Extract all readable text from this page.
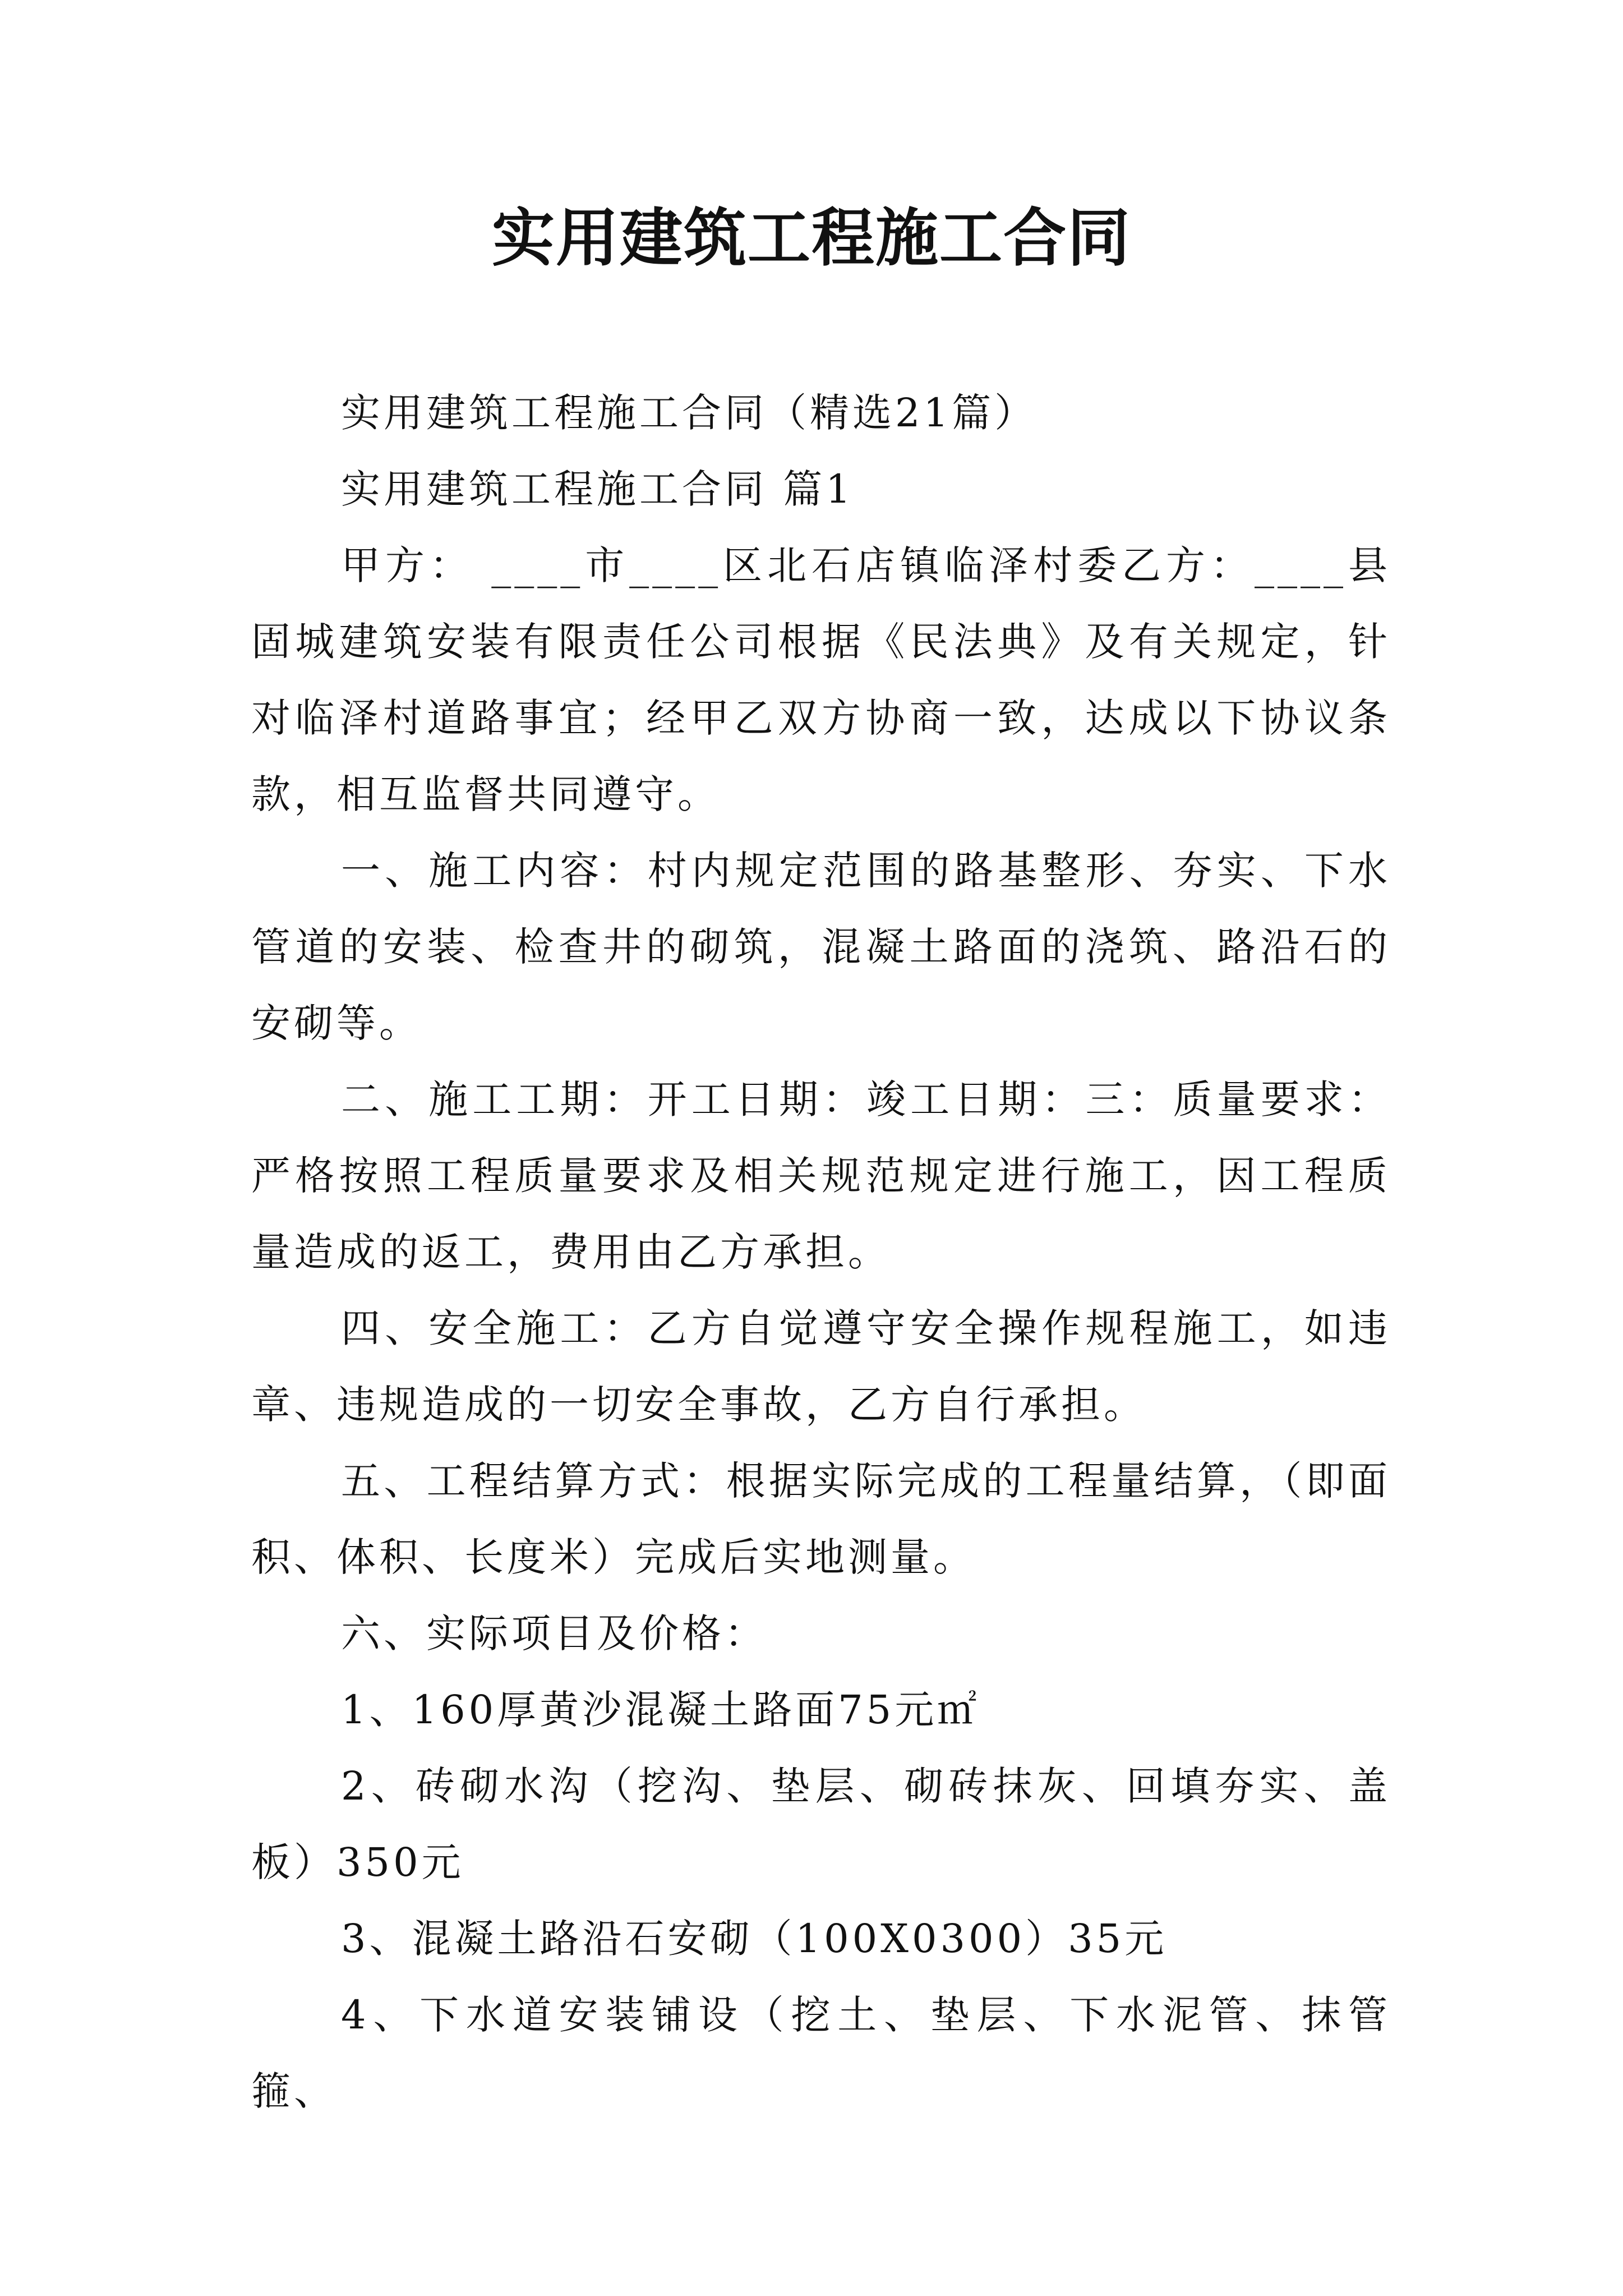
实用建筑工程施工合同

实用建筑工程施工合同（精选21篇）

实用建筑工程施工合同 篇1

甲方： ____市____区北石店镇临泽村委乙方：____县固城建筑安装有限责任公司根据《民法典》及有关规定，针对临泽村道路事宜；经甲乙双方协商一致，达成以下协议条款，相互监督共同遵守。

一、施工内容：村内规定范围的路基整形、夯实、下水管道的安装、检查井的砌筑，混凝土路面的浇筑、路沿石的安砌等。

二、施工工期：开工日期：竣工日期：三：质量要求：严格按照工程质量要求及相关规范规定进行施工，因工程质量造成的返工，费用由乙方承担。

四、安全施工：乙方自觉遵守安全操作规程施工，如违章、违规造成的一切安全事故，乙方自行承担。

五、工程结算方式：根据实际完成的工程量结算，（即面积、体积、长度米）完成后实地测量。

六、实际项目及价格：

1、160厚黄沙混凝土路面75元㎡

2、砖砌水沟（挖沟、垫层、砌砖抹灰、回填夯实、盖板）350元

3、混凝土路沿石安砌（100X0300）35元

4、下水道安装铺设（挖土、垫层、下水泥管、抹管箍、
